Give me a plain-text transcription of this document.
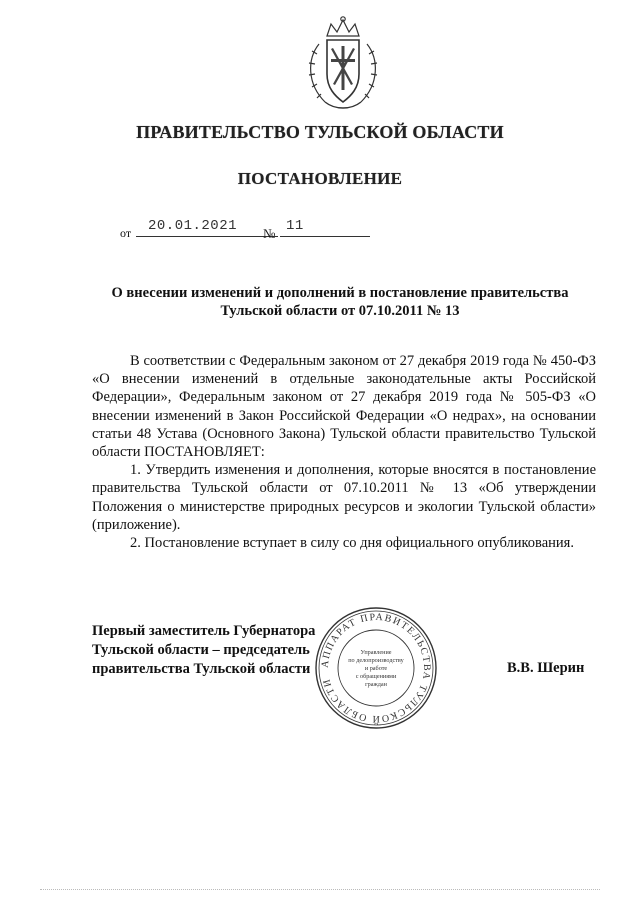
ПРАВИТЕЛЬСТВО ТУЛЬСКОЙ ОБЛАСТИ
ПОСТАНОВЛЕНИЕ
от 20.01.2021 № 11
О внесении изменений и дополнений в постановление правительства
Тульской области от 07.10.2011 № 13

В соответствии с Федеральным законом от 27 декабря 2019 года № 450-ФЗ «О внесении изменений в отдельные законодательные акты Российской Федерации», Федеральным законом от 27 декабря 2019 года № 505-ФЗ «О внесении изменений в Закон Российской Федерации «О недрах», на основании статьи 48 Устава (Основного Закона) Тульской области правительство Тульской области ПОСТАНОВЛЯЕТ:

1. Утвердить изменения и дополнения, которые вносятся в постановление правительства Тульской области от 07.10.2011 № 13 «Об утверждении Положения о министерстве природных ресурсов и экологии Тульской области» (приложение).

2. Постановление вступает в силу со дня официального опубликования.

Первый заместитель Губернатора
Тульской области – председатель
правительства Тульской области	В.В. Шерин
АППАРАТ ПРАВИТЕЛЬСТВА ТУЛЬСКОЙ ОБЛАСТИ
Управление
по делопроизводству
и работе
с обращениями
граждан
